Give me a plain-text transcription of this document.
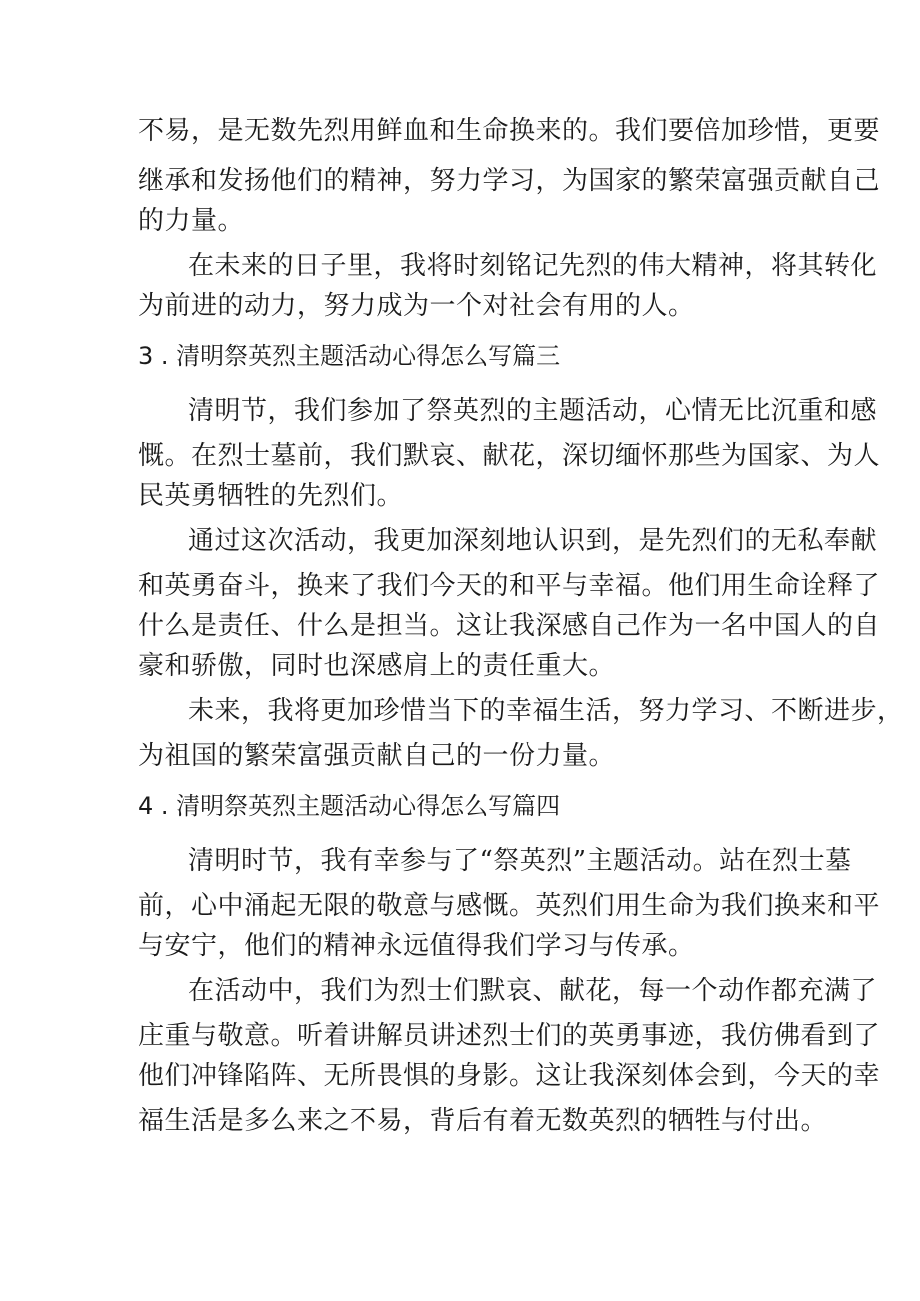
不易，是无数先烈用鲜血和生命换来的。我们要倍加珍惜，更要
继承和发扬他们的精神，努力学习，为国家的繁荣富强贡献自己
的力量。
在未来的日子里，我将时刻铭记先烈的伟大精神，将其转化
为前进的动力，努力成为一个对社会有用的人。
3 . 清明祭英烈主题活动心得怎么写篇三
清明节，我们参加了祭英烈的主题活动，心情无比沉重和感
慨。在烈士墓前，我们默哀、献花，深切缅怀那些为国家、为人
民英勇牺牲的先烈们。
通过这次活动，我更加深刻地认识到，是先烈们的无私奉献
和英勇奋斗，换来了我们今天的和平与幸福。他们用生命诠释了
什么是责任、什么是担当。这让我深感自己作为一名中国人的自
豪和骄傲，同时也深感肩上的责任重大。
未来，我将更加珍惜当下的幸福生活，努力学习、不断进步，
为祖国的繁荣富强贡献自己的一份力量。
4 . 清明祭英烈主题活动心得怎么写篇四
清明时节，我有幸参与了“祭英烈”主题活动。站在烈士墓
前，心中涌起无限的敬意与感慨。英烈们用生命为我们换来和平
与安宁，他们的精神永远值得我们学习与传承。
在活动中，我们为烈士们默哀、献花，每一个动作都充满了
庄重与敬意。听着讲解员讲述烈士们的英勇事迹，我仿佛看到了
他们冲锋陷阵、无所畏惧的身影。这让我深刻体会到，今天的幸
福生活是多么来之不易，背后有着无数英烈的牺牲与付出。
